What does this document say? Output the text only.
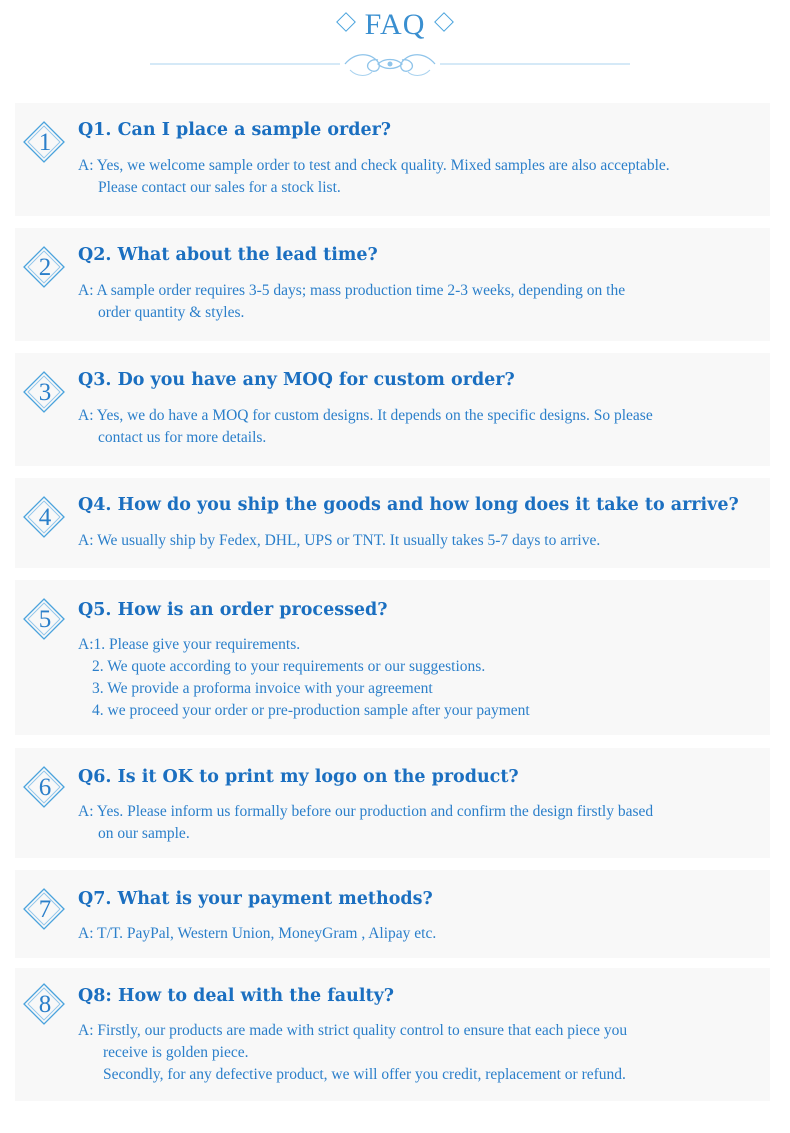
FAQ
1 Q1. Can I place a sample order?
A: Yes, we welcome sample order to test and check quality. Mixed samples are also acceptable.
Please contact our sales for a stock list.
2 Q2. What about the lead time?
A: A sample order requires 3-5 days; mass production time 2-3 weeks, depending on the
order quantity & styles.
3 Q3. Do you have any MOQ for custom order?
A: Yes, we do have a MOQ for custom designs. It depends on the specific designs. So please
contact us for more details.
4 Q4. How do you ship the goods and how long does it take to arrive?
A: We usually ship by Fedex, DHL, UPS or TNT. It usually takes 5-7 days to arrive.
5 Q5. How is an order processed?
A:1. Please give your requirements.
2. We quote according to your requirements or our suggestions.
3. We provide a proforma invoice with your agreement
4. we proceed your order or pre-production sample after your payment
6 Q6. Is it OK to print my logo on the product?
A: Yes. Please inform us formally before our production and confirm the design firstly based
on our sample.
7 Q7. What is your payment methods?
A: T/T. PayPal, Western Union, MoneyGram , Alipay etc.
8 Q8: How to deal with the faulty?
A: Firstly, our products are made with strict quality control to ensure that each piece you
receive is golden piece.
Secondly, for any defective product, we will offer you credit, replacement or refund.
